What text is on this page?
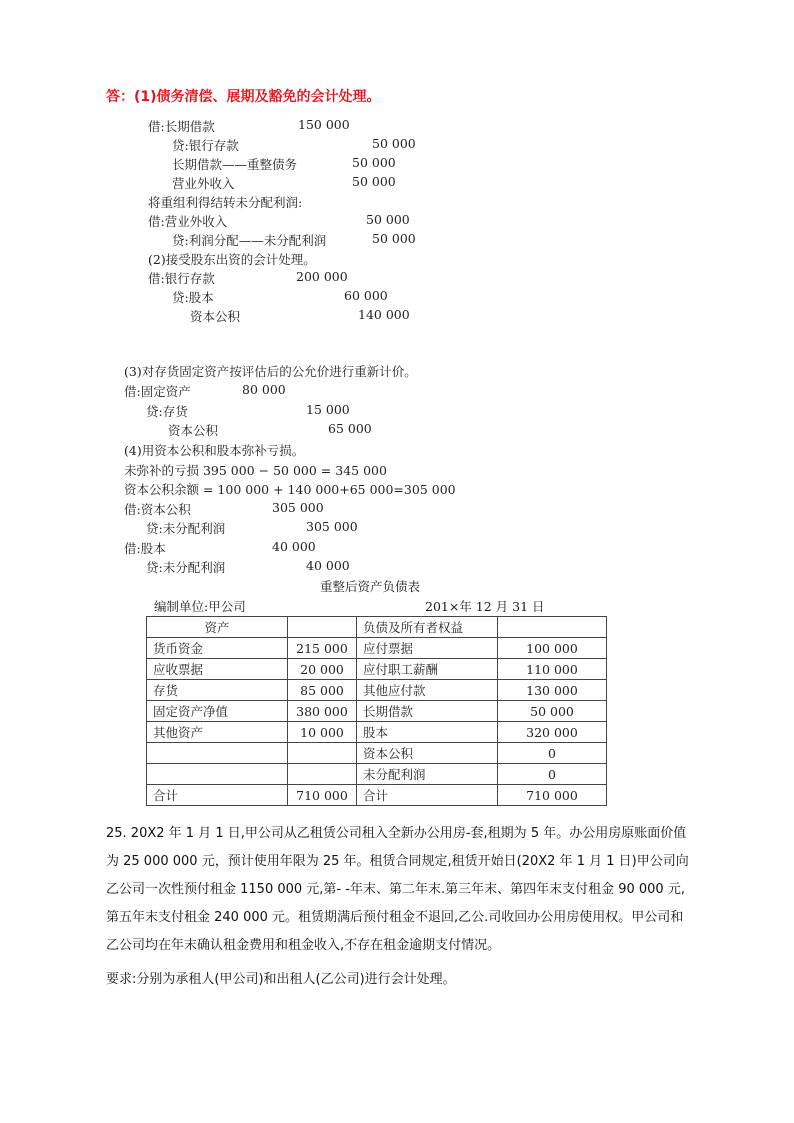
答：(1)债务清偿、展期及豁免的会计处理。
借:长期借款	150 000
贷:银行存款	50 000
长期借款——重整债务	50 000
营业外收入	50 000
将重组利得结转未分配利润:
借:营业外收入	50 000
贷:利润分配——未分配利润	50 000
(2)接受股东出资的会计处理。
借:银行存款	200 000
贷:股本	60 000
资本公积	140 000
(3)对存货固定资产按评估后的公允价进行重新计价。
借:固定资产	80 000
贷:存货	15 000
资本公积	65 000
(4)用资本公积和股本弥补亏损。
未弥补的亏损 395 000 − 50 000 = 345 000
资本公积余额 = 100 000 + 140 000+65 000=305 000
借:资本公积	305 000
贷:未分配利润	305 000
借:股本	40 000
贷:未分配利润	40 000
重整后资产负债表
编制单位:甲公司	201×年 12 月 31 日
资产		负债及所有者权益	
货币资金	215 000	应付票据	100 000
应收票据	20 000	应付职工薪酬	110 000
存货	85 000	其他应付款	130 000
固定资产净值	380 000	长期借款	50 000
其他资产	10 000	股本	320 000
		资本公积	0
		未分配利润	0
合计	710 000	合计	710 000

25. 20X2 年 1 月 1 日,甲公司从乙租赁公司租入全新办公用房-套,租期为 5 年。办公用房原账面价值为 25 000 000 元，预计使用年限为 25 年。租赁合同规定,租赁开始日(20X2 年 1 月 1 日)甲公司向乙公司一次性预付租金 1150 000 元,第- -年末、第二年末.第三年末、第四年末支付租金 90 000 元,第五年末支付租金 240 000 元。租赁期满后预付租金不退回,乙公.司收回办公用房使用权。甲公司和乙公司均在年末确认租金费用和租金收入,不存在租金逾期支付情况。

要求:分别为承租人(甲公司)和出租人(乙公司)进行会计处理。
